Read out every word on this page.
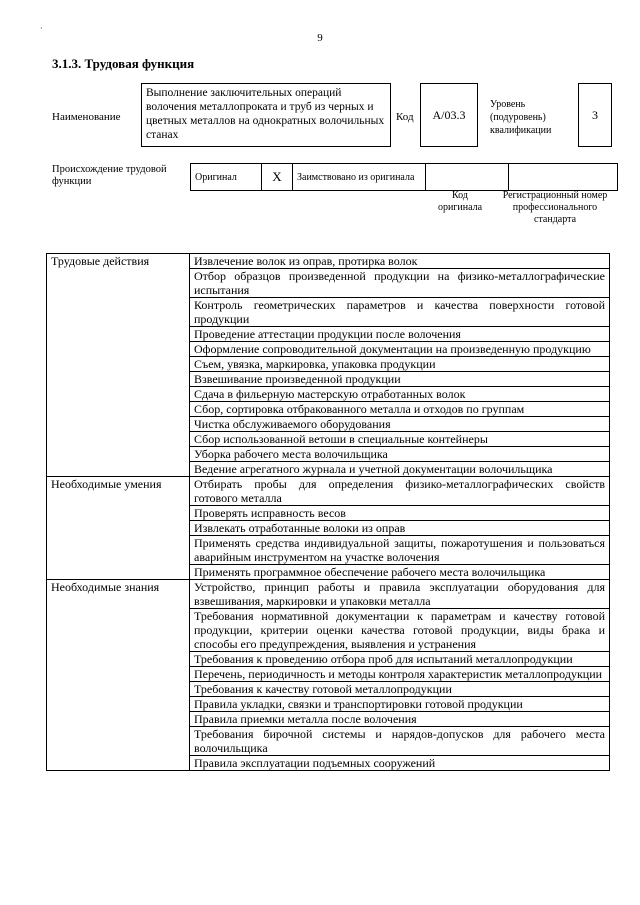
·
9
3.1.3. Трудовая функция
Наименование
Выполнение заключительных операций волочения металлопроката и труб из черных и цветных металлов на однократных волочильных станах
Код	А/03.3
Уровень (подуровень) квалификации
3
Происхождение трудовой функции	Оригинал	X	Заимствовано из оригинала		
Код оригинала
Регистрационный номер профессионального стандарта
Трудовые действия	Извлечение волок из оправ, протирка волок
	Отбор образцов произведенной продукции на физико-металлографические испытания
	Контроль геометрических параметров и качества поверхности готовой продукции
	Проведение аттестации продукции после волочения
	Оформление сопроводительной документации на произведенную продукцию
	Съем, увязка, маркировка, упаковка продукции
	Взвешивание произведенной продукции
	Сдача в фильерную мастерскую отработанных волок
	Сбор, сортировка отбракованного металла и отходов по группам
	Чистка обслуживаемого оборудования
	Сбор использованной ветоши в специальные контейнеры
	Уборка рабочего места волочильщика
	Ведение агрегатного журнала и учетной документации волочильщика
Необходимые умения	Отбирать пробы для определения физико-металлографических свойств готового металла
	Проверять исправность весов
	Извлекать отработанные волоки из оправ
	Применять средства индивидуальной защиты, пожаротушения и пользоваться аварийным инструментом на участке волочения
	Применять программное обеспечение рабочего места волочильщика
Необходимые знания	Устройство, принцип работы и правила эксплуатации оборудования для взвешивания, маркировки и упаковки металла
	Требования нормативной документации к параметрам и качеству готовой продукции, критерии оценки качества готовой продукции, виды брака и способы его предупреждения, выявления и устранения
	Требования к проведению отбора проб для испытаний металлопродукции
	Перечень, периодичность и методы контроля характеристик металлопродукции
	Требования к качеству готовой металлопродукции
	Правила укладки, связки и транспортировки готовой продукции
	Правила приемки металла после волочения
	Требования бирочной системы и нарядов-допусков для рабочего места волочильщика
	Правила эксплуатации подъемных сооружений
